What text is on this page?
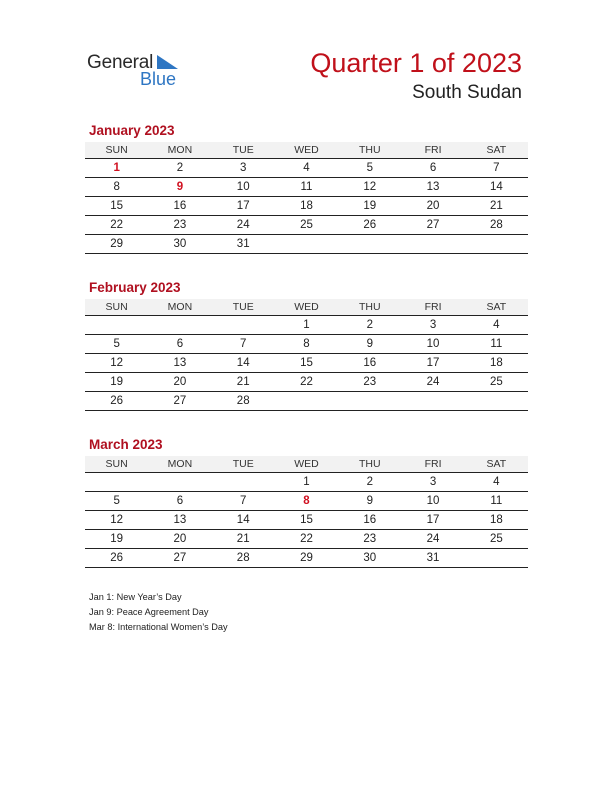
General
Blue
Quarter 1 of 2023
South Sudan
January 2023
SUN	MON	TUE	WED	THU	FRI	SAT
1	2	3	4	5	6	7
8	9	10	11	12	13	14
15	16	17	18	19	20	21
22	23	24	25	26	27	28
29	30	31				
February 2023
SUN	MON	TUE	WED	THU	FRI	SAT
			1	2	3	4
5	6	7	8	9	10	11
12	13	14	15	16	17	18
19	20	21	22	23	24	25
26	27	28				
March 2023
SUN	MON	TUE	WED	THU	FRI	SAT
			1	2	3	4
5	6	7	8	9	10	11
12	13	14	15	16	17	18
19	20	21	22	23	24	25
26	27	28	29	30	31	
Jan 1: New Year’s Day
Jan 9: Peace Agreement Day
Mar 8: International Women’s Day
